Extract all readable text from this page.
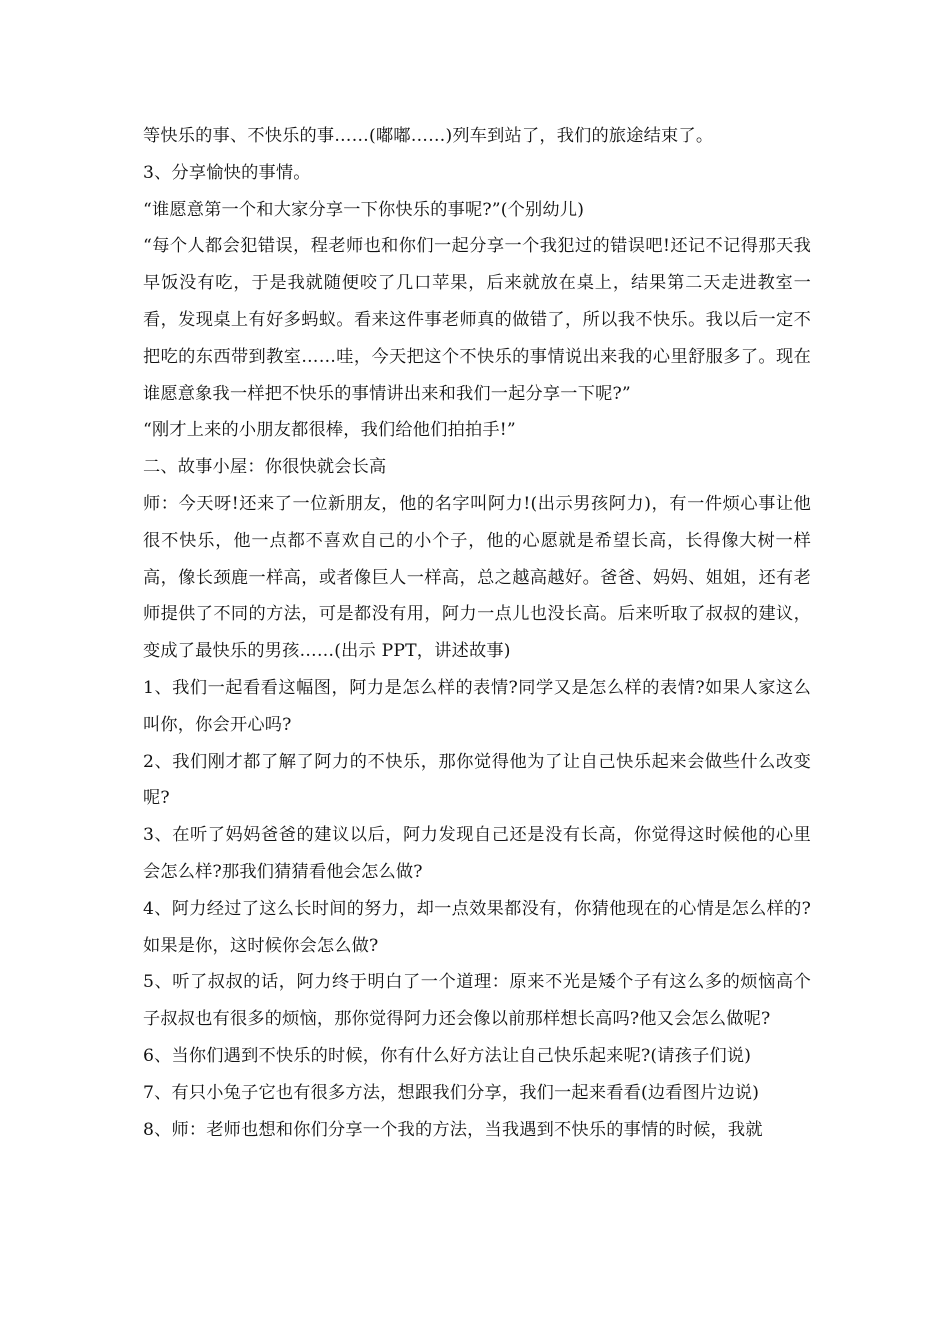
等快乐的事、不快乐的事……(嘟嘟……)列车到站了，我们的旅途结束了。

3、分享愉快的事情。

“谁愿意第一个和大家分享一下你快乐的事呢?”(个别幼儿)

“每个人都会犯错误，程老师也和你们一起分享一个我犯过的错误吧!还记不记得那天我早饭没有吃，于是我就随便咬了几口苹果，后来就放在桌上，结果第二天走进教室一看，发现桌上有好多蚂蚁。看来这件事老师真的做错了，所以我不快乐。我以后一定不把吃的东西带到教室……哇，今天把这个不快乐的事情说出来我的心里舒服多了。现在谁愿意象我一样把不快乐的事情讲出来和我们一起分享一下呢?”

“刚才上来的小朋友都很棒，我们给他们拍拍手!”

二、故事小屋：你很快就会长高

师：今天呀!还来了一位新朋友，他的名字叫阿力!(出示男孩阿力)，有一件烦心事让他很不快乐，他一点都不喜欢自己的小个子，他的心愿就是希望长高，长得像大树一样高，像长颈鹿一样高，或者像巨人一样高，总之越高越好。爸爸、妈妈、姐姐，还有老师提供了不同的方法，可是都没有用，阿力一点儿也没长高。后来听取了叔叔的建议，变成了最快乐的男孩……(出示 PPT，讲述故事)

1、我们一起看看这幅图，阿力是怎么样的表情?同学又是怎么样的表情?如果人家这么叫你，你会开心吗?

2、我们刚才都了解了阿力的不快乐，那你觉得他为了让自己快乐起来会做些什么改变呢?

3、在听了妈妈爸爸的建议以后，阿力发现自己还是没有长高，你觉得这时候他的心里会怎么样?那我们猜猜看他会怎么做?

4、阿力经过了这么长时间的努力，却一点效果都没有，你猜他现在的心情是怎么样的?如果是你，这时候你会怎么做?

5、听了叔叔的话，阿力终于明白了一个道理：原来不光是矮个子有这么多的烦恼高个子叔叔也有很多的烦恼，那你觉得阿力还会像以前那样想长高吗?他又会怎么做呢?

6、当你们遇到不快乐的时候，你有什么好方法让自己快乐起来呢?(请孩子们说)

7、有只小兔子它也有很多方法，想跟我们分享，我们一起来看看(边看图片边说)

8、师：老师也想和你们分享一个我的方法，当我遇到不快乐的事情的时候，我就
